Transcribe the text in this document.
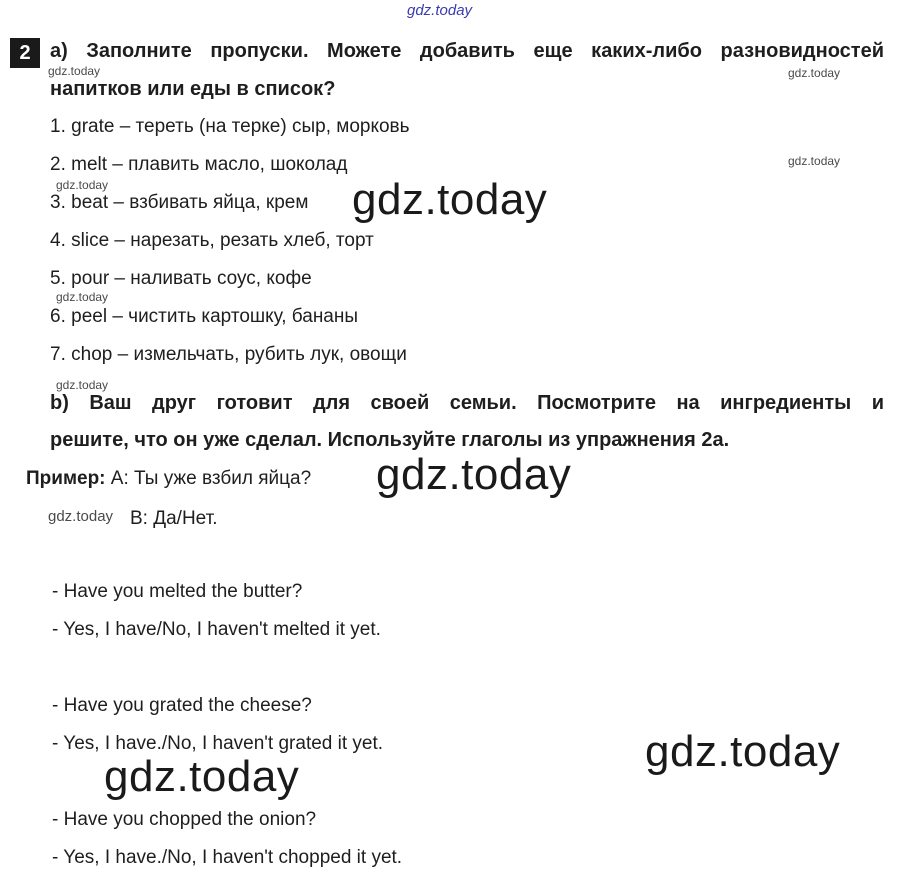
gdz.today
2 a) Заполните пропуски. Можете добавить еще каких-либо разновидностей
напитков или еды в список?
1. grate – тереть (на терке) сыр, морковь
2. melt – плавить масло, шоколад
3. beat – взбивать яйца, крем
4. slice – нарезать, резать хлеб, торт
5. pour – наливать соус, кофе
6. peel – чистить картошку, бананы
7. chop – измельчать, рубить лук, овощи
b) Ваш друг готовит для своей семьи. Посмотрите на ингредиенты и
решите, что он уже сделал. Используйте глаголы из упражнения 2a.
Пример: A: Ты уже взбил яйца?
B: Да/Нет.
- Have you melted the butter?
- Yes, I have/No, I haven't melted it yet.
- Have you grated the cheese?
- Yes, I have./No, I haven't grated it yet.
- Have you chopped the onion?
- Yes, I have./No, I haven't chopped it yet.
gdz.today	gdz.today
gdz.today
gdz.today
gdz.today
gdz.today
gdz.today
gdz.today
gdz.today
gdz.today
gdz.today
